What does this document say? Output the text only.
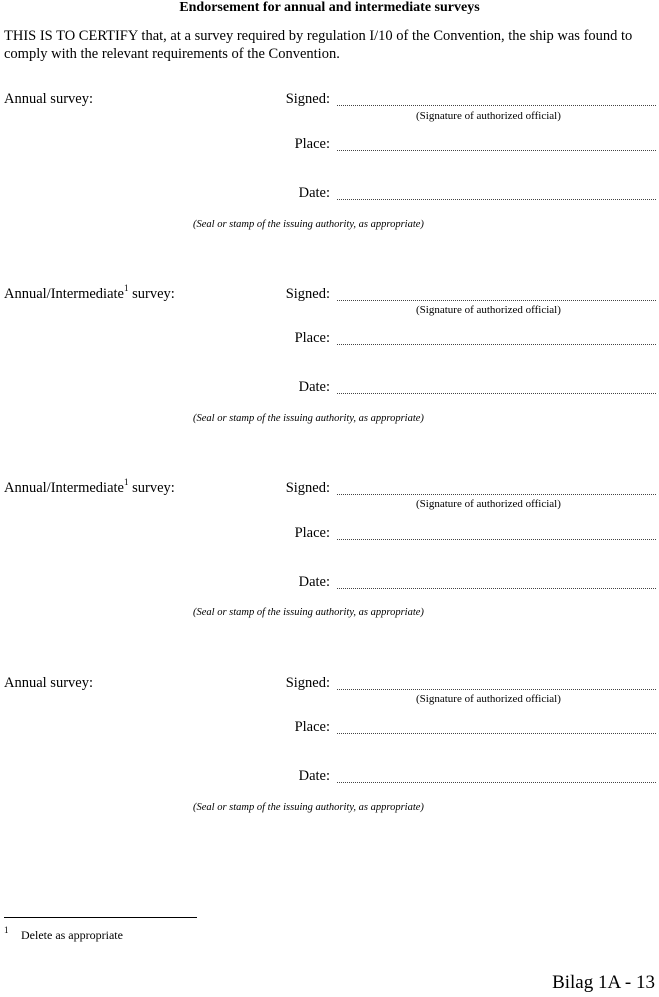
Endorsement for annual and intermediate surveys
THIS IS TO CERTIFY that, at a survey required by regulation I/10 of the Convention, the ship was found to comply with the relevant requirements of the Convention.
Annual survey:	Signed:
(Signature of authorized official)
Place:
Date:
(Seal or stamp of the issuing authority, as appropriate)
Annual/Intermediate$^1$ survey:	Signed:
(Signature of authorized official)
Place:
Date:
(Seal or stamp of the issuing authority, as appropriate)
Annual/Intermediate$^1$ survey:	Signed:
(Signature of authorized official)
Place:
Date:
(Seal or stamp of the issuing authority, as appropriate)
Annual survey:	Signed:
(Signature of authorized official)
Place:
Date:
(Seal or stamp of the issuing authority, as appropriate)
1 Delete as appropriate
Bilag 1A - 13
